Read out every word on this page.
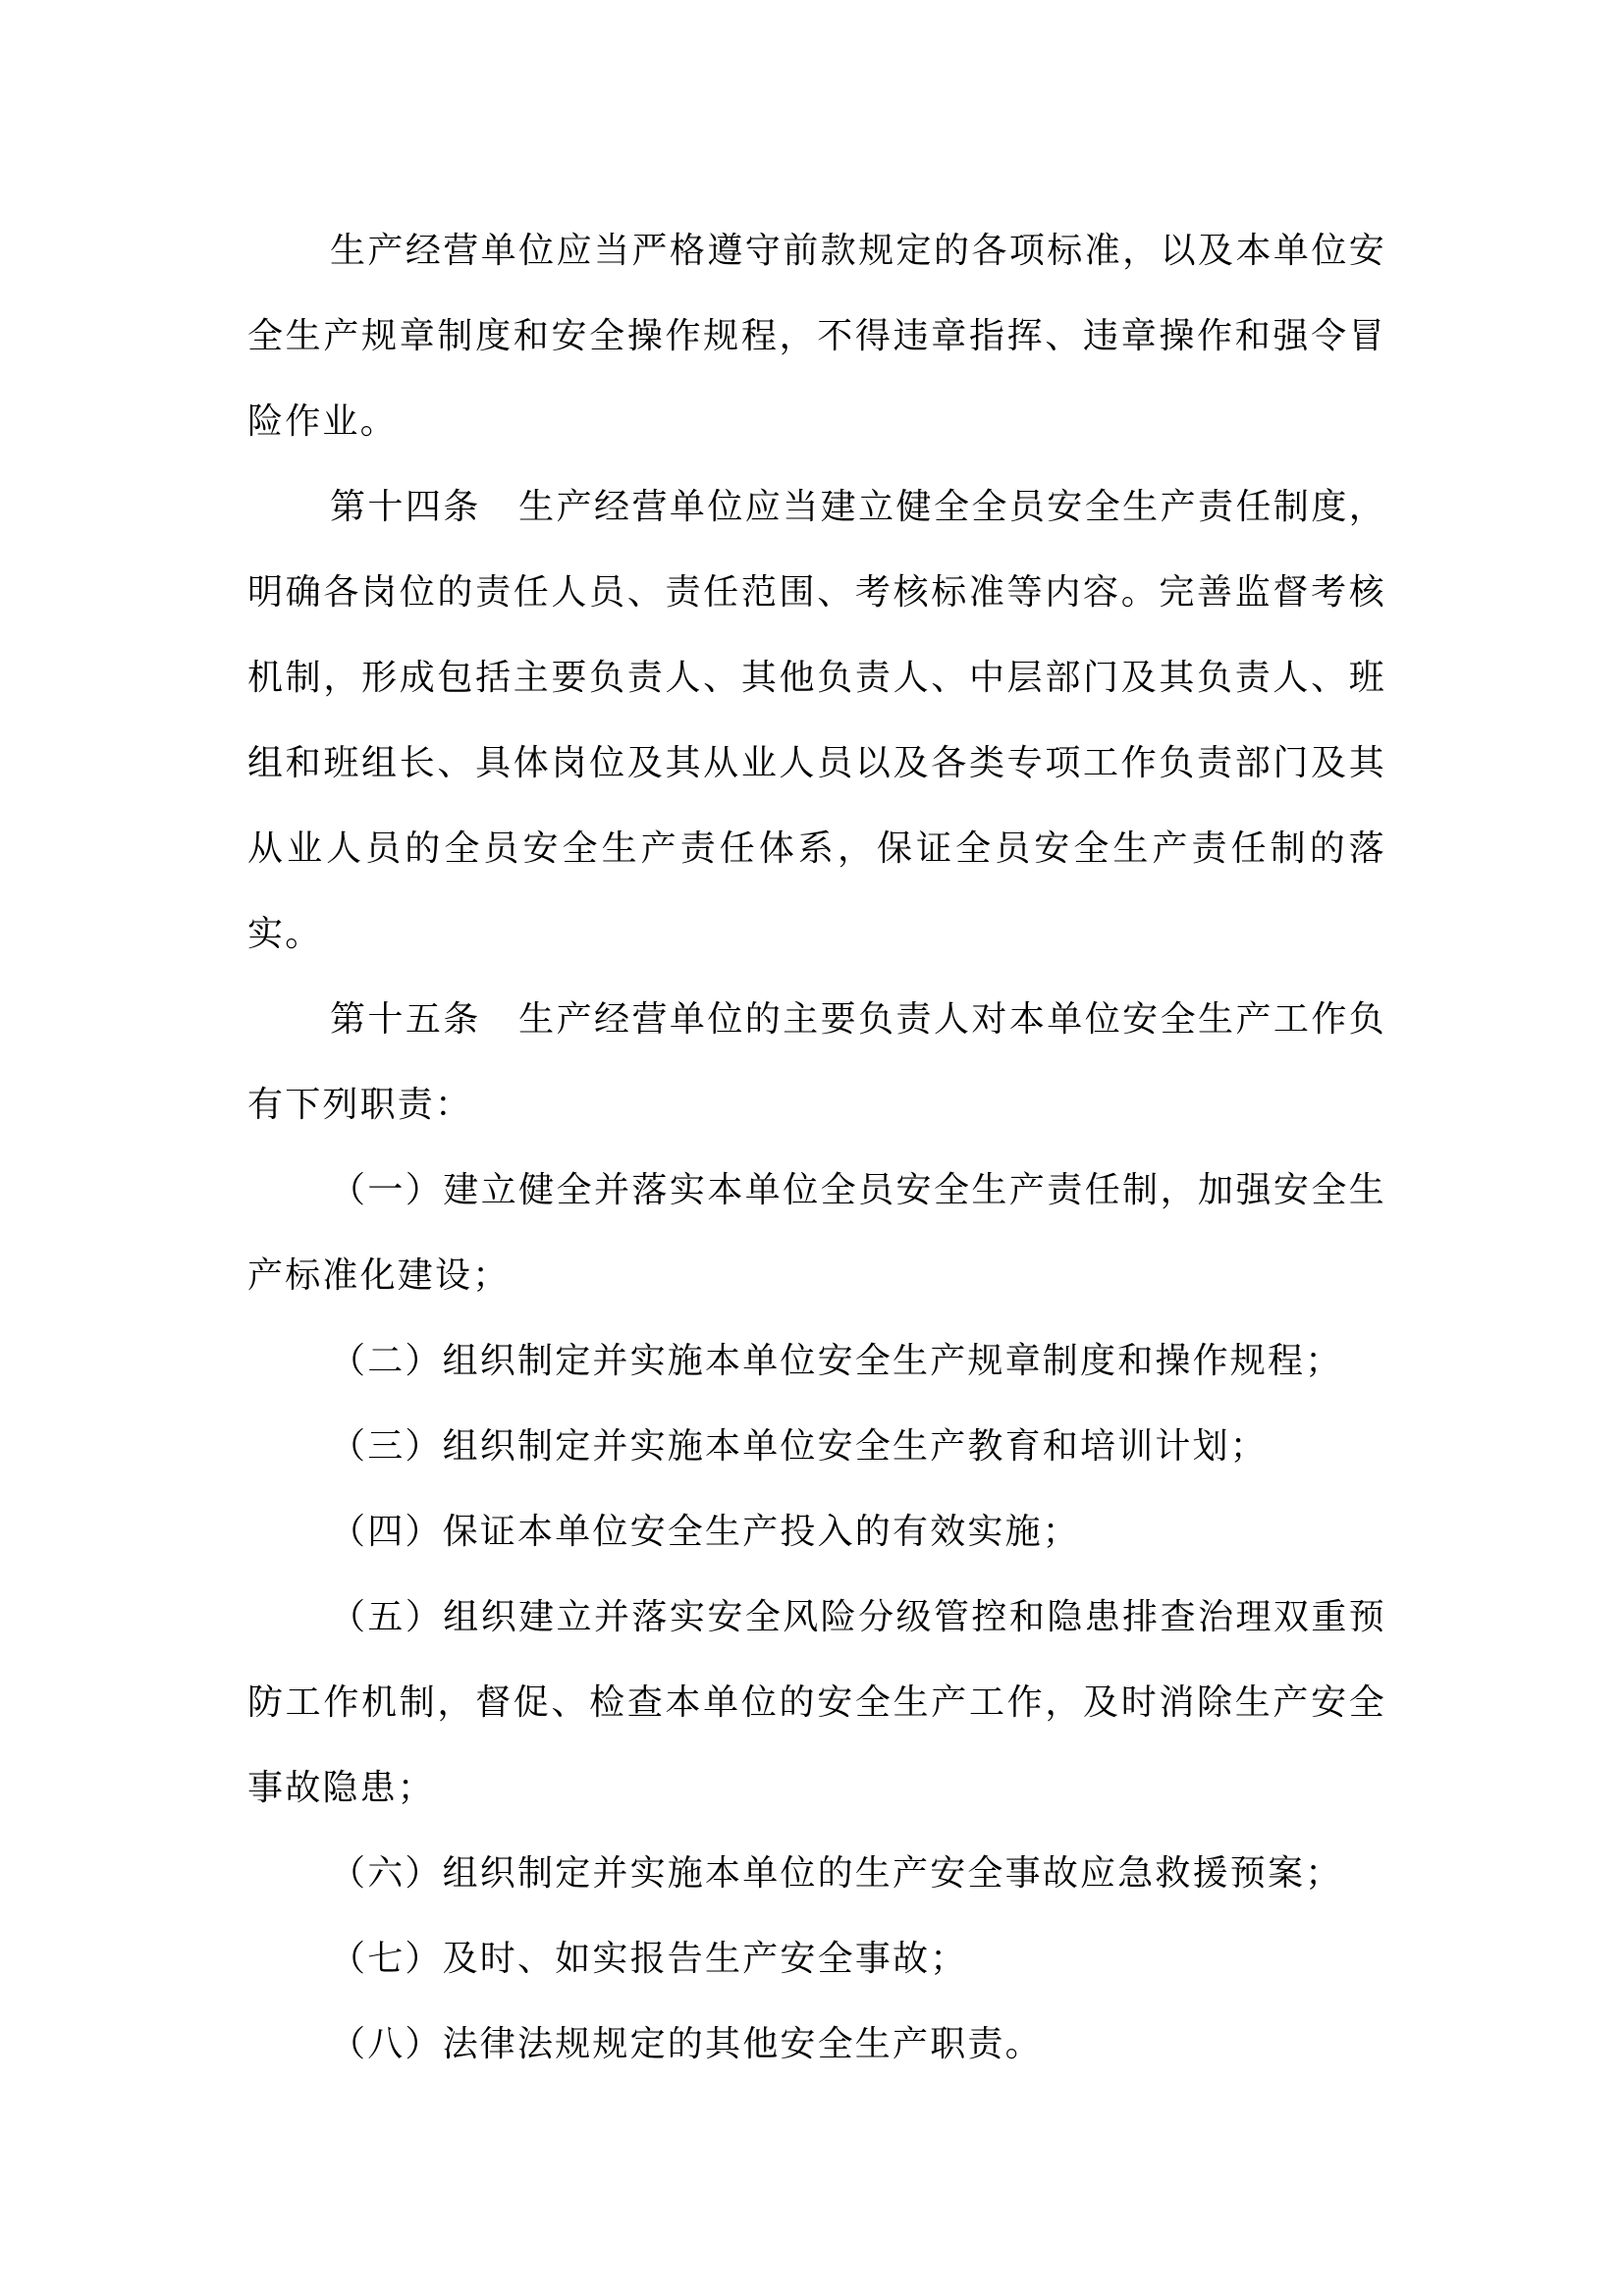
生产经营单位应当严格遵守前款规定的各项标准，以及本单位安全生产规章制度和安全操作规程，不得违章指挥、违章操作和强令冒险作业。

第十四条　生产经营单位应当建立健全全员安全生产责任制度，明确各岗位的责任人员、责任范围、考核标准等内容。完善监督考核机制，形成包括主要负责人、其他负责人、中层部门及其负责人、班组和班组长、具体岗位及其从业人员以及各类专项工作负责部门及其从业人员的全员安全生产责任体系，保证全员安全生产责任制的落实。

第十五条　生产经营单位的主要负责人对本单位安全生产工作负有下列职责：

（一）建立健全并落实本单位全员安全生产责任制，加强安全生产标准化建设；

（二）组织制定并实施本单位安全生产规章制度和操作规程；

（三）组织制定并实施本单位安全生产教育和培训计划；

（四）保证本单位安全生产投入的有效实施；

（五）组织建立并落实安全风险分级管控和隐患排查治理双重预防工作机制，督促、检查本单位的安全生产工作，及时消除生产安全事故隐患；

（六）组织制定并实施本单位的生产安全事故应急救援预案；

（七）及时、如实报告生产安全事故；

（八）法律法规规定的其他安全生产职责。
